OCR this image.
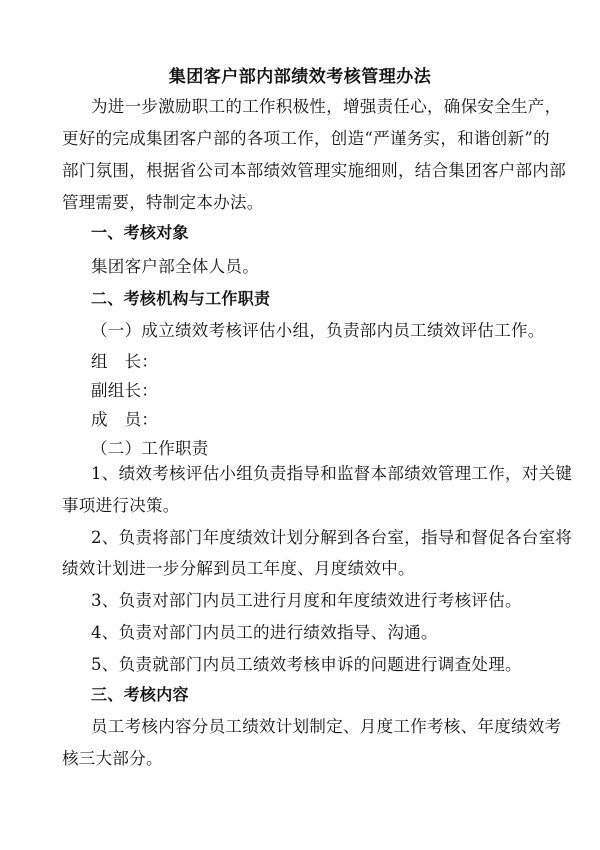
集团客户部内部绩效考核管理办法
为进一步激励职工的工作积极性，增强责任心，确保安全生产，
更好的完成集团客户部的各项工作，创造“严谨务实，和谐创新”的
部门氛围，根据省公司本部绩效管理实施细则，结合集团客户部内部
管理需要，特制定本办法。
一、考核对象
集团客户部全体人员。
二、考核机构与工作职责
（一）成立绩效考核评估小组，负责部内员工绩效评估工作。
组　长：
副组长：
成　员：
（二）工作职责
1、绩效考核评估小组负责指导和监督本部绩效管理工作，对关键
事项进行决策。
2、负责将部门年度绩效计划分解到各台室，指导和督促各台室将
绩效计划进一步分解到员工年度、月度绩效中。
3、负责对部门内员工进行月度和年度绩效进行考核评估。
4、负责对部门内员工的进行绩效指导、沟通。
5、负责就部门内员工绩效考核申诉的问题进行调查处理。
三、考核内容
员工考核内容分员工绩效计划制定、月度工作考核、年度绩效考
核三大部分。
